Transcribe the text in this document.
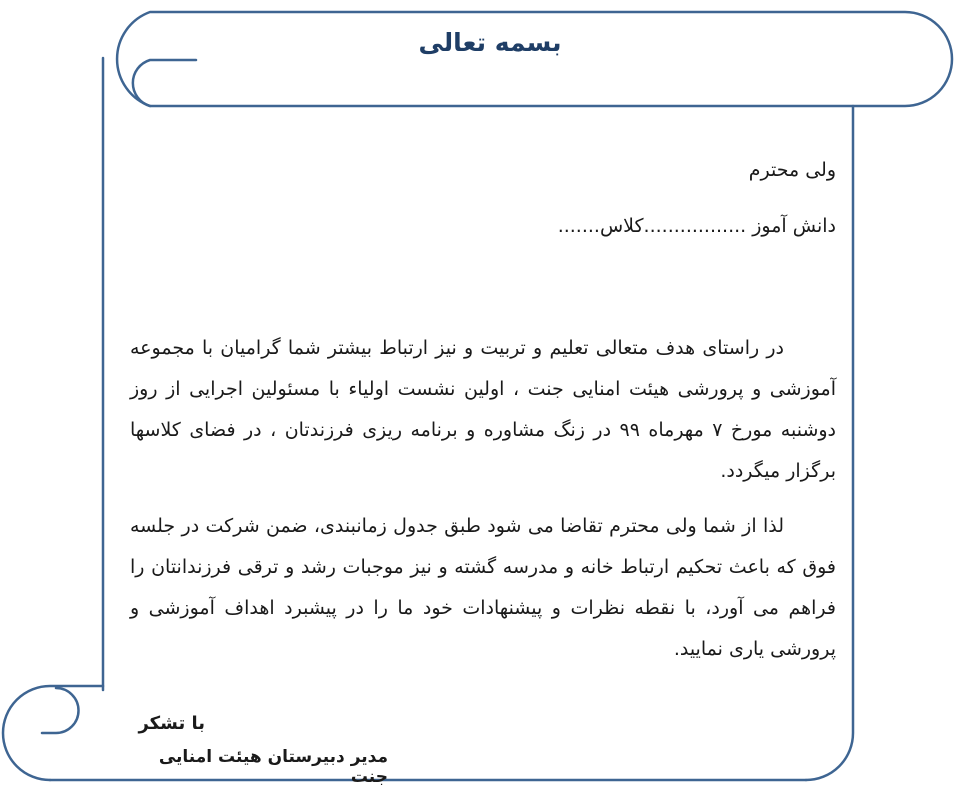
بسمه تعالی

ولی محترم

دانش آموز .................کلاس.......

در راستای هدف متعالی تعلیم و تربیت و نیز ارتباط بیشتر شما گرامیان با مجموعه آموزشی و پرورشی هیئت امنایی جنت ، اولین نشست اولیاء با مسئولین اجرایی از روز دوشنبه مورخ ۷ مهرماه ۹۹ در زنگ مشاوره و برنامه ریزی فرزندتان ، در فضای کلاسها برگزار میگردد.

لذا از شما ولی محترم تقاضا می شود طبق جدول زمانبندی، ضمن شرکت در جلسه فوق که باعث تحکیم ارتباط خانه و مدرسه گشته و نیز موجبات رشد و ترقی فرزندانتان را فراهم می آورد، با نقطه نظرات و پیشنهادات خود ما را در پیشبرد اهداف آموزشی و پرورشی یاری نمایید.

با تشکر
مدیر دبیرستان هیئت امنایی جنت
